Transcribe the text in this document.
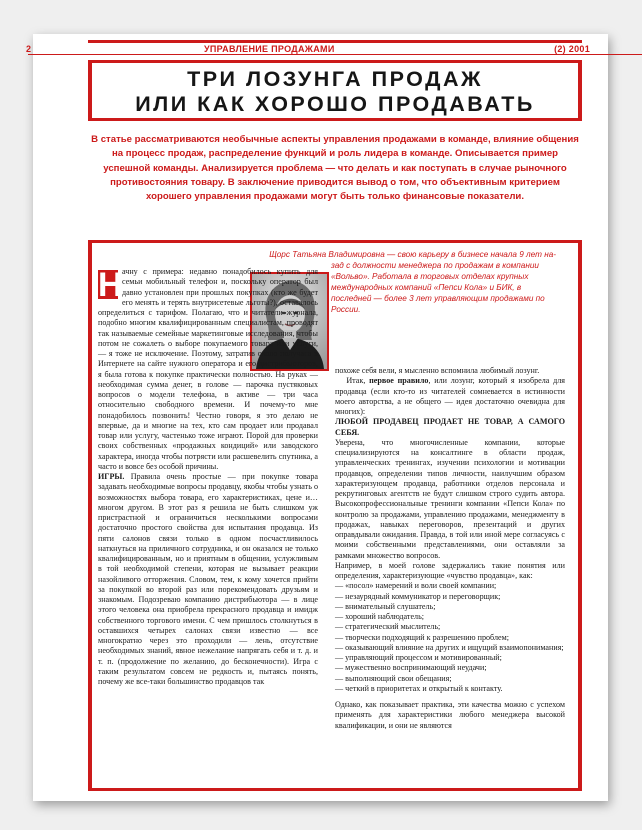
2	УПРАВЛЕНИЕ ПРОДАЖАМИ	(2) 2001
ТРИ ЛОЗУНГА ПРОДАЖ
ИЛИ КАК ХОРОШО ПРОДАВАТЬ
В статье рассматриваются необычные аспекты управления продажами в команде, влияние общения на процесс продаж, распределение функций и роль лидера в команде. Описывается пример успешной команды. Анализируется проблема — что делать и как поступать в случае рыночного противостояния товару. В заключение приводится вывод о том, что объективным критерием хорошего управления продажами могут быть только финансовые показатели.
Щорс Татьяна Владимировна — свою карьеру в бизнесе начала 9 лет на-
зад с должности менеджера по продажам в компании «Вольво». Работала в торговых отделах крупных международных компаний «Пепси Кола» и БИК, в последней — более 3 лет управляющим продажами по России.
Н ачну с примера: недавно понадобилось купить для семьи мобильный телефон и, поскольку оператор был давно установлен при прошлых покупках (кто же будет его менять и терять внутрисетевые льготы?), оставалось определиться с тарифом. Полагаю, что и читатели журнала, подобно многим квалифицированным специалистам, проводят так называемые семейные маркетинговые исследования, чтобы потом не сожалеть о выборе покупаемого товара или услуги, — я тоже не исключение. Поэтому, затратив около получаса в Интернете на сайте нужного оператора и его дистрибьюторов, я была готова к покупке практически полностью. На руках — необходимая сумма денег, в голове — парочка пустяковых вопросов о модели телефона, в активе — три часа относительно свободного времени. И почему-то мне понадобилось позвонить! Честно говоря, я это делаю не впервые, да и многие на тех, кто сам продает или продавал товар или услугу, частенько тоже играют. Порой для проверки своих собственных «продажных кондиций» или заводского характера, иногда чтобы потрясти или расшевелить спутника, а часто и вовсе без особой причины.

ИГРЫ. Правила очень простые — при покупке товара задавать необходимые вопросы продавцу, якобы чтобы узнать о возможностях выбора товара, его характеристиках, цене и… многом другом. В этот раз я решила не быть слишком уж пристрастной и ограничиться несколькими вопросами достаточно простого свойства для испытания продавца. Из пяти салонов связи только в одном посчастливилось наткнуться на приличного сотрудника, и он оказался не только квалифицированным, но и приятным в общении, услужливым в той необходимой степени, которая не вызывает реакции назойливого отторжения. Словом, тем, к кому хочется прийти за покупкой во второй раз или порекомендовать друзьям и знакомым. Подозреваю компанию дистрибьютора — в лице этого человека она приобрела прекрасного продавца и имидж собственного торгового имени. С чем пришлось столкнуться в оставшихся четырех салонах связи известно — все многократно через это проходили — лень, отсутствие необходимых знаний, явное нежелание напрягать себя и т. д. и т. п. (продолжение по желанию, до бесконечности). Игра с таким результатом совсем не редкость и, пытаясь понять, почему же все-таки большинство продавцов так

похоже себя вели, я мысленно вспомнила любимый лозунг.

Итак, первое правило, или лозунг, который я изобрела для продавца (если кто-то из читателей сомневается в истинности моего авторства, а не общего — идея достаточно очевидна для многих):

ЛЮБОЙ ПРОДАВЕЦ ПРОДАЕТ НЕ ТОВАР, А САМОГО СЕБЯ.

Уверена, что многочисленные компании, которые специализируются на консалтинге в области продаж, управленческих тренингах, изучении психологии и мотивации продавцов, определении типов личности, наилучшим образом характеризующем продавца, работники отделов персонала и рекрутинговых агентств не будут слишком строго судить автора. Высокопрофессиональные тренинги компании «Пепси Кола» по контролю за продажами, управлению продажами, менеджменту в продажах, навыках переговоров, презентаций и других оправдывали ожидания. Правда, в той или иной мере согласуясь с моими собственными представлениями, они оставляли за рамками множество вопросов.

Например, в моей голове задержались такие понятия или определения, характеризующие «чувство продавца», как:

— «посол» намерений и воли своей компании;
— незаурядный коммуникатор и переговорщик;
— внимательный слушатель;
— хороший наблюдатель;
— стратегический мыслитель;
— творчески подходящий к разрешению проблем;
— оказывающий влияние на других и ищущий взаимопонимания;
— управляющий процессом и мотивированный;
— мужественно воспринимающий неудачи;
— выполняющий свои обещания;
— четкий в приоритетах и открытый к контакту.

Однако, как показывает практика, эти качества можно с успехом применять для характеристики любого менеджера высокой квалификации, и они не являются
